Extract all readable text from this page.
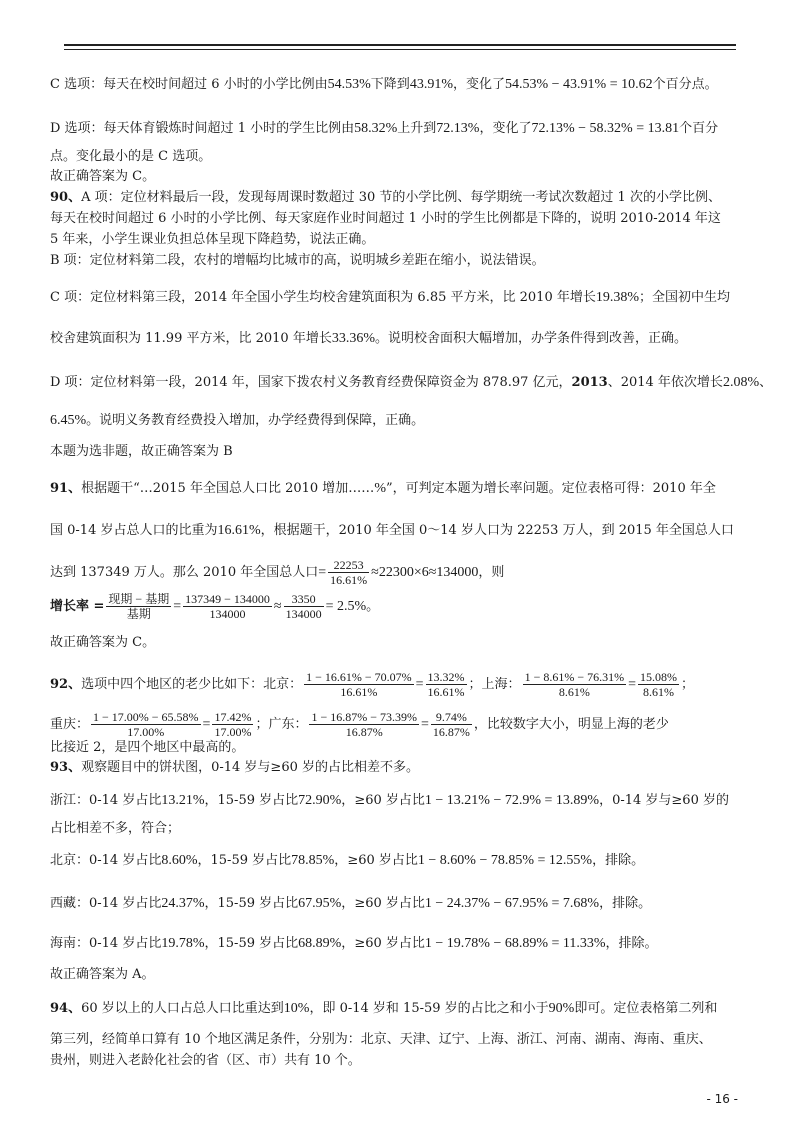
C 选项：每天在校时间超过 6 小时的小学比例由54.53%下降到43.91%，变化了54.53% − 43.91% = 10.62个百分点。
D 选项：每天体育锻炼时间超过 1 小时的学生比例由58.32%上升到72.13%，变化了72.13% − 58.32% = 13.81个百分
点。变化最小的是 C 选项。
故正确答案为 C。
90、A 项：定位材料最后一段，发现每周课时数超过 30 节的小学比例、每学期统一考试次数超过 1 次的小学比例、
每天在校时间超过 6 小时的小学比例、每天家庭作业时间超过 1 小时的学生比例都是下降的，说明 2010-2014 年这
5 年来，小学生课业负担总体呈现下降趋势，说法正确。
B 项：定位材料第二段，农村的增幅均比城市的高，说明城乡差距在缩小，说法错误。
C 项：定位材料第三段，2014 年全国小学生均校舍建筑面积为 6.85 平方米，比 2010 年增长19.38%；全国初中生均
校舍建筑面积为 11.99 平方米，比 2010 年增长33.36%。说明校舍面积大幅增加，办学条件得到改善，正确。
D 项：定位材料第一段，2014 年，国家下拨农村义务教育经费保障资金为 878.97 亿元，2013、2014 年依次增长2.08%、
6.45%。说明义务教育经费投入增加，办学经费得到保障，正确。
本题为选非题，故正确答案为 B
91、根据题干“…2015 年全国总人口比 2010 增加……%”，可判定本题为增长率问题。定位表格可得：2010 年全
国 0-14 岁占总人口的比重为16.61%，根据题干，2010 年全国 0～14 岁人口为 22253 万人，到 2015 年全国总人口
达到 137349 万人。那么 2010 年全国总人口= $\frac{22253}{16.61\%} \approx 22300\times 6\approx 134000$，则
增长率 = $\frac{\text{现期 − 基期}}{\text{基期}} = \frac{137349 - 134000}{134000} \approx \frac{3350}{134000} = 2.5\%$。
故正确答案为 C。
92、选项中四个地区的老少比如下：北京： $\frac{1 - 16.61\% - 70.07\%}{16.61\%} = \frac{13.32\%}{16.61\%}$ ；上海： $\frac{1 - 8.61\% - 76.31\%}{8.61\%} = \frac{15.08\%}{8.61\%}$ ；
重庆： $\frac{1 - 17.00\% - 65.58\%}{17.00\%} = \frac{17.42\%}{17.00\%}$ ；广东： $\frac{1 - 16.87\% - 73.39\%}{16.87\%} = \frac{9.74\%}{16.87\%}$ ，比较数字大小，明显上海的老少
比接近 2，是四个地区中最高的。
93、观察题目中的饼状图，0-14 岁与≥60 岁的占比相差不多。
浙江：0-14 岁占比13.21%，15-59 岁占比72.90%，≥60 岁占比1 − 13.21% − 72.9% = 13.89%，0-14 岁与≥60 岁的
占比相差不多，符合；
北京：0-14 岁占比8.60%，15-59 岁占比78.85%，≥60 岁占比1 − 8.60% − 78.85% = 12.55%，排除。
西藏：0-14 岁占比24.37%，15-59 岁占比67.95%，≥60 岁占比1 − 24.37% − 67.95% = 7.68%，排除。
海南：0-14 岁占比19.78%，15-59 岁占比68.89%，≥60 岁占比1 − 19.78% − 68.89% = 11.33%，排除。
故正确答案为 A。
94、60 岁以上的人口占总人口比重达到10%，即 0-14 岁和 15-59 岁的占比之和小于90%即可。定位表格第二列和
第三列，经简单口算有 10 个地区满足条件，分别为：北京、天津、辽宁、上海、浙江、河南、湖南、海南、重庆、
贵州，则进入老龄化社会的省（区、市）共有 10 个。
- 16 -
